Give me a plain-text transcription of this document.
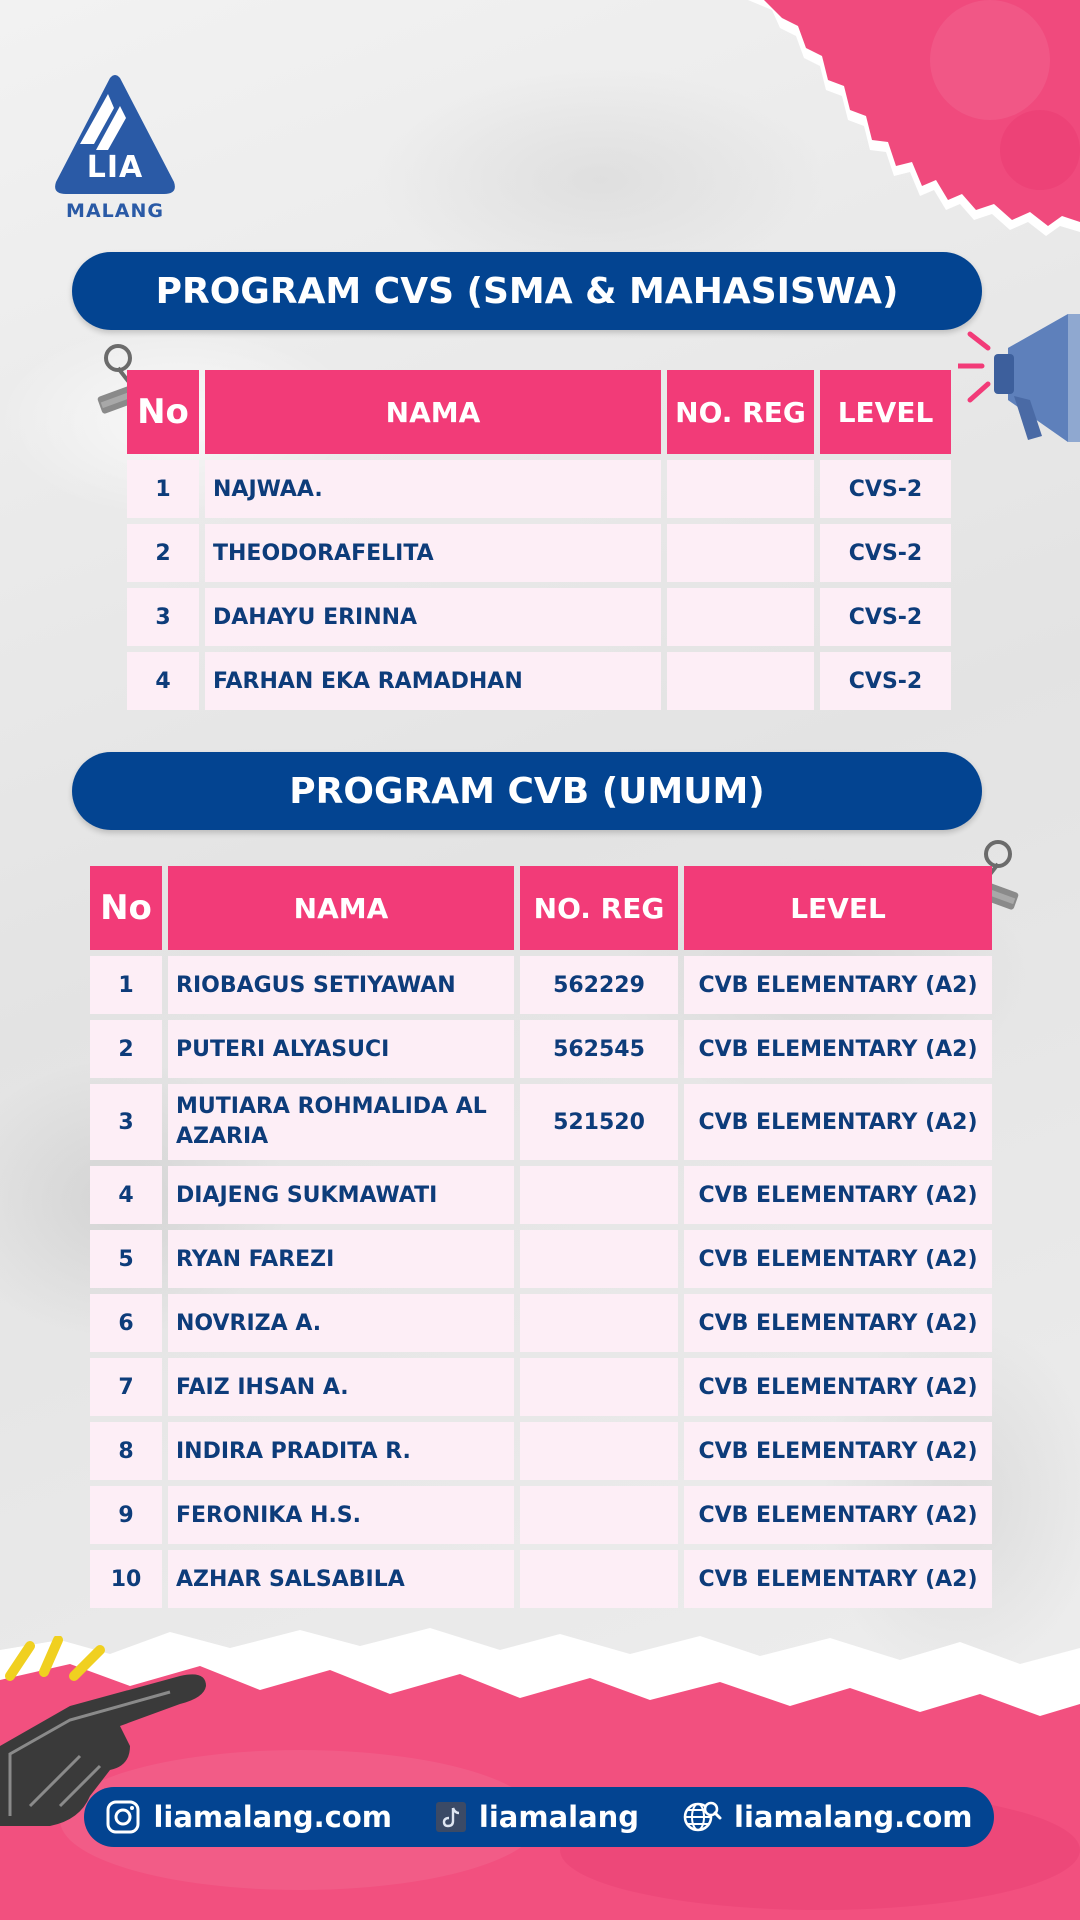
LIA
MALANG
PROGRAM CVS (SMA & MAHASISWA)
No	NAMA	NO. REG	LEVEL
1	NAJWAA.		CVS-2
2	THEODORAFELITA		CVS-2
3	DAHAYU ERINNA		CVS-2
4	FARHAN EKA RAMADHAN		CVS-2
PROGRAM CVB (UMUM)
No	NAMA	NO. REG	LEVEL
1	RIOBAGUS SETIYAWAN	562229	CVB ELEMENTARY (A2)
2	PUTERI ALYASUCI	562545	CVB ELEMENTARY (A2)
3	MUTIARA ROHMALIDA AL AZARIA	521520	CVB ELEMENTARY (A2)
4	DIAJENG SUKMAWATI		CVB ELEMENTARY (A2)
5	RYAN FAREZI		CVB ELEMENTARY (A2)
6	NOVRIZA A.		CVB ELEMENTARY (A2)
7	FAIZ IHSAN A.		CVB ELEMENTARY (A2)
8	INDIRA PRADITA R.		CVB ELEMENTARY (A2)
9	FERONIKA H.S.		CVB ELEMENTARY (A2)
10	AZHAR SALSABILA		CVB ELEMENTARY (A2)
liamalang.com	liamalang	liamalang.com
